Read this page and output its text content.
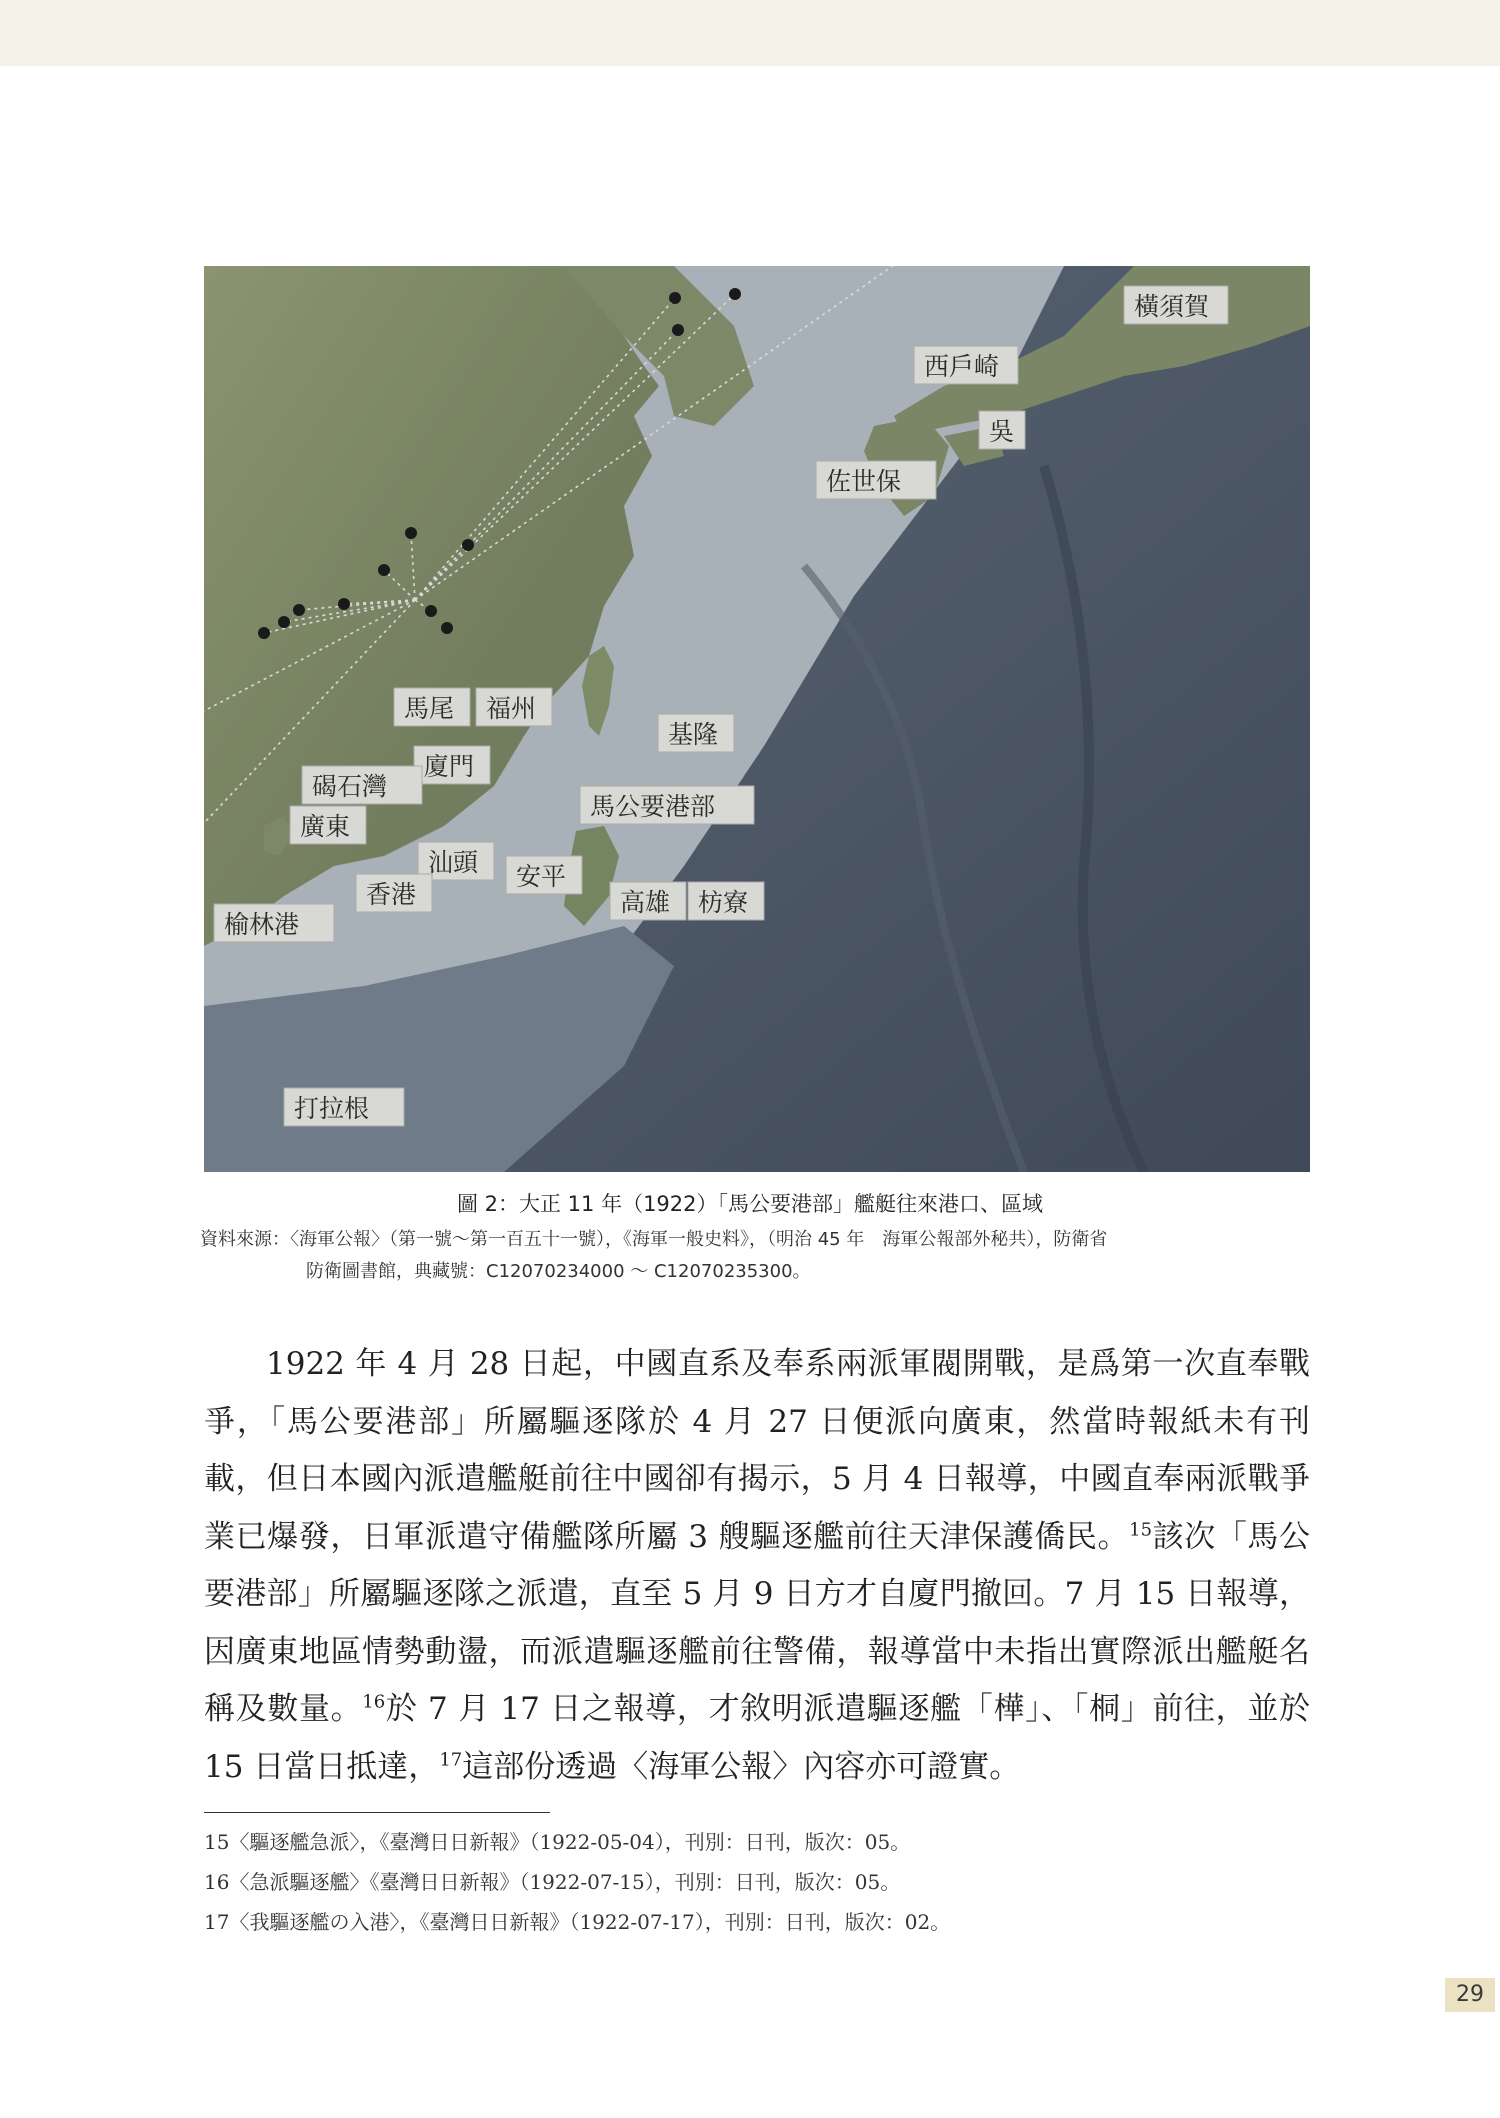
橫須賀
西戶崎
吳
佐世保
馬尾 福州
基隆
廈門
碣石灣
馬公要港部
廣東
汕頭 安平
香港	高雄 枋寮
榆林港
打拉根
圖 2：大正 11 年（1922）「馬公要港部」艦艇往來港口、區域
資料來源：〈海軍公報〉（第一號～第一百五十一號），《海軍一般史料》，（明治 45 年　海軍公報部外秘共），防衛省
防衛圖書館，典藏號：C12070234000 ～ C12070235300。

1922 年 4 月 28 日起，中國直系及奉系兩派軍閥開戰，是爲第一次直奉戰爭，「馬公要港部」所屬驅逐隊於 4 月 27 日便派向廣東，然當時報紙未有刊載，但日本國內派遣艦艇前往中國卻有揭示，5 月 4 日報導，中國直奉兩派戰爭業已爆發，日軍派遣守備艦隊所屬 3 艘驅逐艦前往天津保護僑民。$^{15}$該次「馬公要港部」所屬驅逐隊之派遣，直至 5 月 9 日方才自廈門撤回。7 月 15 日報導，因廣東地區情勢動盪，而派遣驅逐艦前往警備，報導當中未指出實際派出艦艇名稱及數量。$^{16}$於 7 月 17 日之報導，才敘明派遣驅逐艦「樺」、「桐」前往，並於 15 日當日抵達，$^{17}$這部份透過〈海軍公報〉內容亦可證實。

15〈驅逐艦急派〉，《臺灣日日新報》（1922-05-04），刊別：日刊，版次：05。
16〈急派驅逐艦〉《臺灣日日新報》（1922-07-15），刊別：日刊，版次：05。
17〈我驅逐艦の入港〉，《臺灣日日新報》（1922-07-17），刊別：日刊，版次：02。
29
